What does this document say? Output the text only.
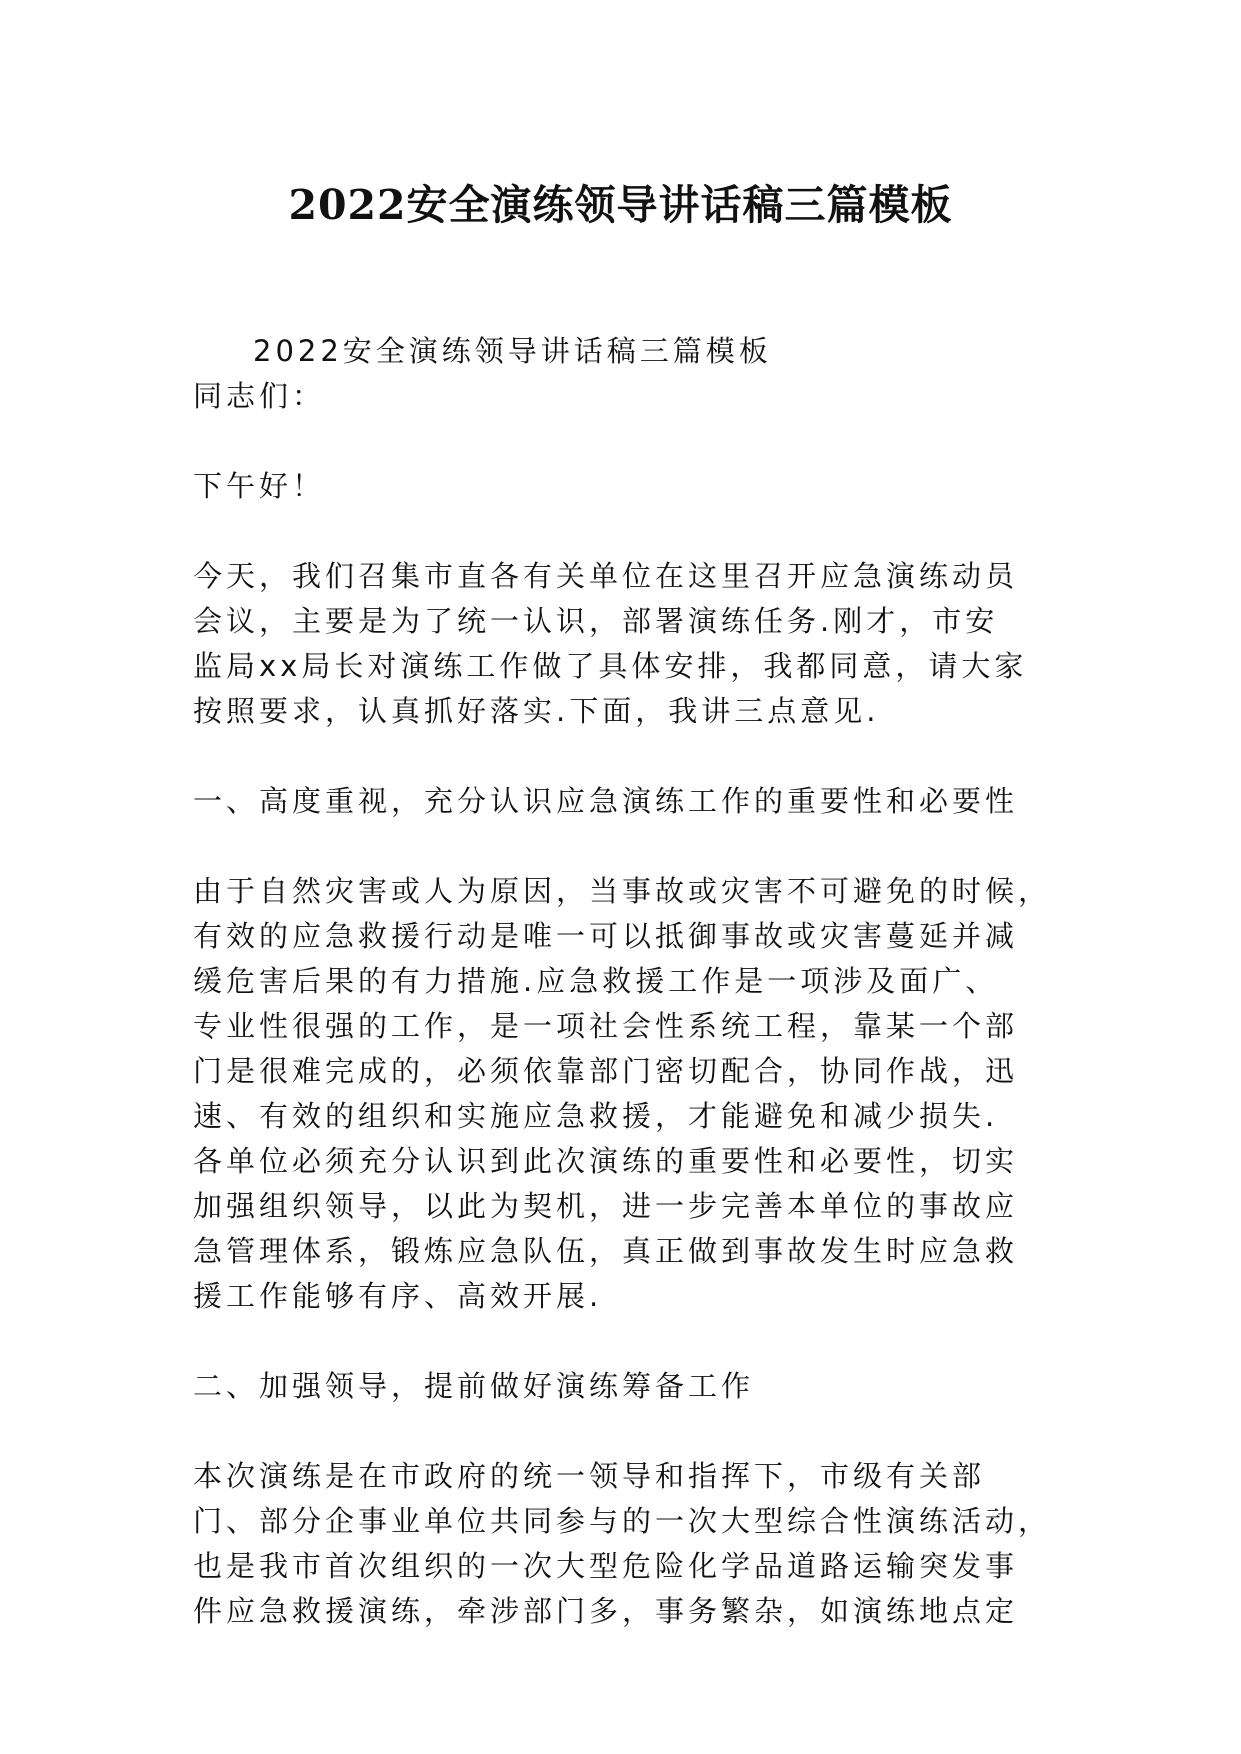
2022安全演练领导讲话稿三篇模板
2022安全演练领导讲话稿三篇模板
同志们：
下午好！
今天，我们召集市直各有关单位在这里召开应急演练动员
会议，主要是为了统一认识，部署演练任务.刚才，市安
监局xx局长对演练工作做了具体安排，我都同意，请大家
按照要求，认真抓好落实.下面，我讲三点意见.
一、高度重视，充分认识应急演练工作的重要性和必要性
由于自然灾害或人为原因，当事故或灾害不可避免的时候，
有效的应急救援行动是唯一可以抵御事故或灾害蔓延并减
缓危害后果的有力措施.应急救援工作是一项涉及面广、
专业性很强的工作，是一项社会性系统工程，靠某一个部
门是很难完成的，必须依靠部门密切配合，协同作战，迅
速、有效的组织和实施应急救援，才能避免和减少损失.
各单位必须充分认识到此次演练的重要性和必要性，切实
加强组织领导，以此为契机，进一步完善本单位的事故应
急管理体系，锻炼应急队伍，真正做到事故发生时应急救
援工作能够有序、高效开展.
二、加强领导，提前做好演练筹备工作
本次演练是在市政府的统一领导和指挥下，市级有关部
门、部分企事业单位共同参与的一次大型综合性演练活动，
也是我市首次组织的一次大型危险化学品道路运输突发事
件应急救援演练，牵涉部门多，事务繁杂，如演练地点定
